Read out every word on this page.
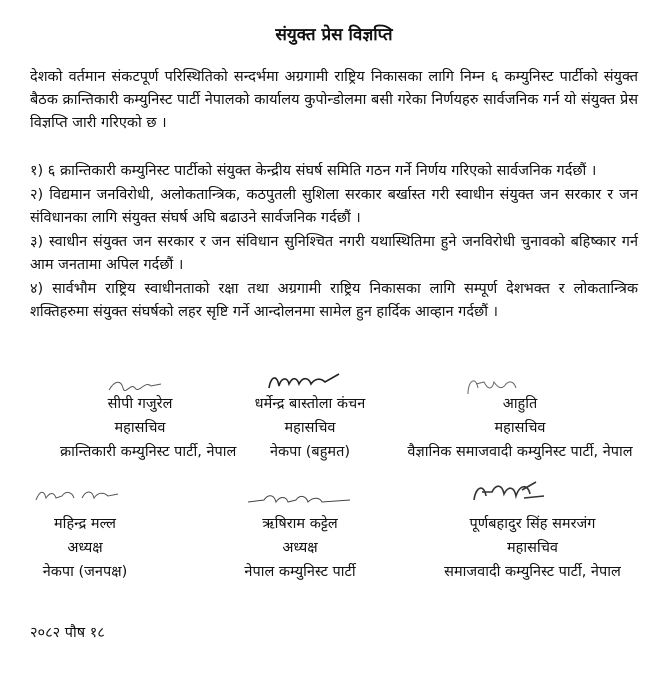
संयुक्त प्रेस विज्ञप्ति

देशको वर्तमान संकटपूर्ण परिस्थितिको सन्दर्भमा अग्रगामी राष्ट्रिय निकासका लागि निम्न ६ कम्युनिस्ट पार्टीको संयुक्त बैठक क्रान्तिकारी कम्युनिस्ट पार्टी नेपालको कार्यालय कुपोन्डोलमा बसी गरेका निर्णयहरु सार्वजनिक गर्न यो संयुक्त प्रेस विज्ञप्ति जारी गरिएको छ ।

१) ६ क्रान्तिकारी कम्युनिस्ट पार्टीको संयुक्त केन्द्रीय संघर्ष समिति गठन गर्ने निर्णय गरिएको सार्वजनिक गर्दछौं ।

२) विद्यमान जनविरोधी, अलोकतान्त्रिक, कठपुतली सुशिला सरकार बर्खास्त गरी स्वाधीन संयुक्त जन सरकार र जन संविधानका लागि संयुक्त संघर्ष अघि बढाउने सार्वजनिक गर्दछौं ।

३) स्वाधीन संयुक्त जन सरकार र जन संविधान सुनिश्चित नगरी यथास्थितिमा हुने जनविरोधी चुनावको बहिष्कार गर्न आम जनतामा अपिल गर्दछौं ।

४) सार्वभौम राष्ट्रिय स्वाधीनताको रक्षा तथा अग्रगामी राष्ट्रिय निकासका लागि सम्पूर्ण देशभक्त र लोकतान्त्रिक शक्तिहरुमा संयुक्त संघर्षको लहर सृष्टि गर्ने आन्दोलनमा सामेल हुन हार्दिक आव्हान गर्दछौं ।

सीपी गजुरेल
महासचिव
क्रान्तिकारी कम्युनिस्ट पार्टी, नेपाल
धर्मेन्द्र बास्तोला कंचन
महासचिव
नेकपा (बहुमत)
आहुति
महासचिव
वैज्ञानिक समाजवादी कम्युनिस्ट पार्टी, नेपाल
महिन्द्र मल्ल
अध्यक्ष
नेकपा (जनपक्ष)
ऋषिराम कट्टेल
अध्यक्ष
नेपाल कम्युनिस्ट पार्टी
पूर्णबहादुर सिंह समरजंग
महासचिव
समाजवादी कम्युनिस्ट पार्टी, नेपाल
२०८२ पौष १८
